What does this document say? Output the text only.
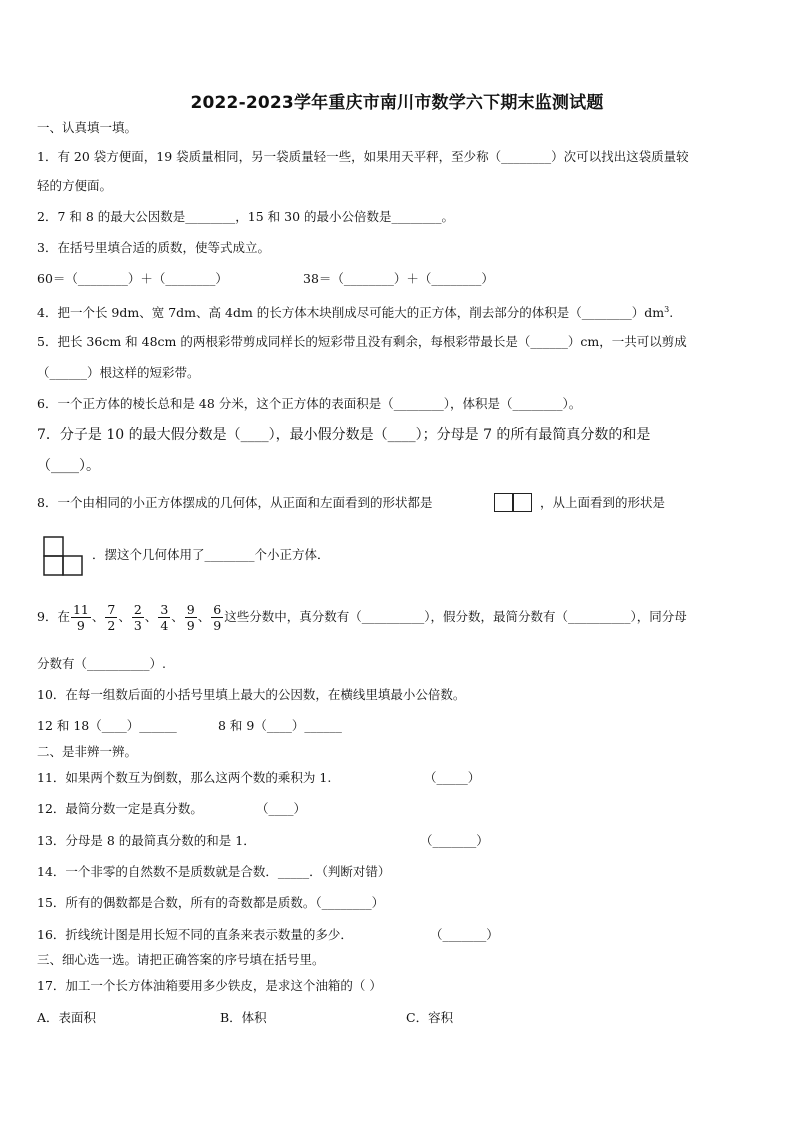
2022-2023学年重庆市南川市数学六下期末监测试题
一、认真填一填。
1．有 20 袋方便面，19 袋质量相同，另一袋质量轻一些，如果用天平秤，至少称（________）次可以找出这袋质量较
轻的方便面。
2．7 和 8 的最大公因数是________，15 和 30 的最小公倍数是________。
3．在括号里填合适的质数，使等式成立。
60＝（________）＋（________）	38＝（________）＋（________）
4．把一个长 9dm、宽 7dm、高 4dm 的长方体木块削成尽可能大的正方体，削去部分的体积是$(\_\_\_\_\_\_\_\_)dm^3$.
5．把长 36cm 和 48cm 的两根彩带剪成同样长的短彩带且没有剩余，每根彩带最长是（______）cm，一共可以剪成
（______）根这样的短彩带。
6．一个正方体的棱长总和是 48 分米，这个正方体的表面积是（________），体积是（________）。
7．分子是 10 的最大假分数是（____），最小假分数是（____）；分母是 7 的所有最简真分数的和是
（____）。
8．一个由相同的小正方体摆成的几何体，从正面和左面看到的形状都是	，从上面看到的形状是
．摆这个几何体用了________个小正方体．
9．在 $\frac{11}{9}$ 、 $\frac{7}{2}$ 、 $\frac{2}{3}$ 、 $\frac{3}{4}$ 、 $\frac{9}{9}$ 、 $\frac{6}{9}$ 这些分数中，真分数有（__________），假分数，最简分数有（__________），同分母
分数有（__________）.
10．在每一组数后面的小括号里填上最大的公因数，在横线里填最小公倍数。
12 和 18（____）______	8 和 9（____）______
二、是非辨一辨。
11．如果两个数互为倒数，那么这两个数的乘积为 1.	（_____）
12．最简分数一定是真分数。	（____）
13．分母是 8 的最简真分数的和是 1．	（_______）
14．一个非零的自然数不是质数就是合数．_____．（判断对错）
15．所有的偶数都是合数，所有的奇数都是质数。（________）
16．折线统计图是用长短不同的直条来表示数量的多少．	（_______）
三、细心选一选。请把正确答案的序号填在括号里。
17．加工一个长方体油箱要用多少铁皮，是求这个油箱的（ ）
A．表面积	B．体积	C．容积
